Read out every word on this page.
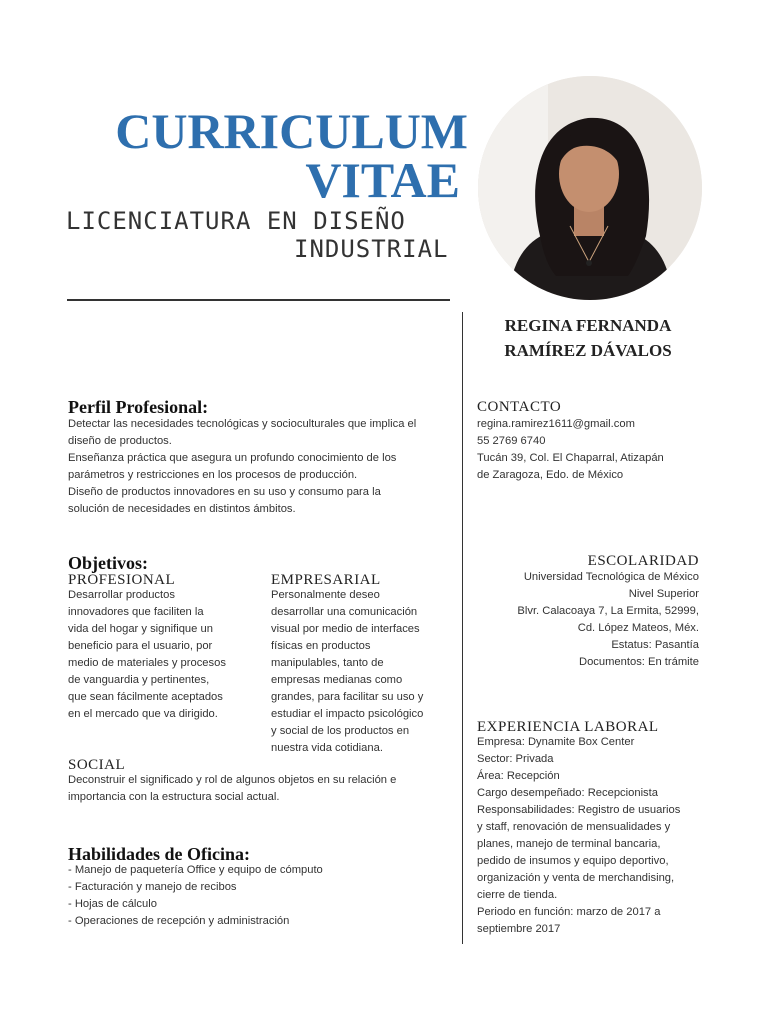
CURRICULUM
VITAE
LICENCIATURA EN DISEÑO
INDUSTRIAL
REGINA FERNANDA
RAMÍREZ DÁVALOS
Perfil Profesional:
Detectar las necesidades tecnológicas y socioculturales que implica el
diseño de productos.
Enseñanza práctica que asegura un profundo conocimiento de los
parámetros y restricciones en los procesos de producción.
Diseño de productos innovadores en su uso y consumo para la
solución de necesidades en distintos ámbitos.
Objetivos:
PROFESIONAL
Desarrollar productos
innovadores que faciliten la
vida del hogar y signifique un
beneficio para el usuario, por
medio de materiales y procesos
de vanguardia y pertinentes,
que sean fácilmente aceptados
en el mercado que va dirigido.
EMPRESARIAL
Personalmente deseo
desarrollar una comunicación
visual por medio de interfaces
físicas en productos
manipulables, tanto de
empresas medianas como
grandes, para facilitar su uso y
estudiar el impacto psicológico
y social de los productos en
nuestra vida cotidiana.
SOCIAL
Deconstruir el significado y rol de algunos objetos en su relación e
importancia con la estructura social actual.
Habilidades de Oficina:
- Manejo de paquetería Office y equipo de cómputo
- Facturación y manejo de recibos
- Hojas de cálculo
- Operaciones de recepción y administración
CONTACTO
regina.ramirez1611@gmail.com
55 2769 6740
Tucán 39, Col. El Chaparral, Atizapán
de Zaragoza, Edo. de México
ESCOLARIDAD
Universidad Tecnológica de México
Nivel Superior
Blvr. Calacoaya 7, La Ermita, 52999,
Cd. López Mateos, Méx.
Estatus: Pasantía
Documentos: En trámite
EXPERIENCIA LABORAL
Empresa: Dynamite Box Center
Sector: Privada
Área: Recepción
Cargo desempeñado: Recepcionista
Responsabilidades: Registro de usuarios
y staff, renovación de mensualidades y
planes, manejo de terminal bancaria,
pedido de insumos y equipo deportivo,
organización y venta de merchandising,
cierre de tienda.
Periodo en función: marzo de 2017 a
septiembre 2017
